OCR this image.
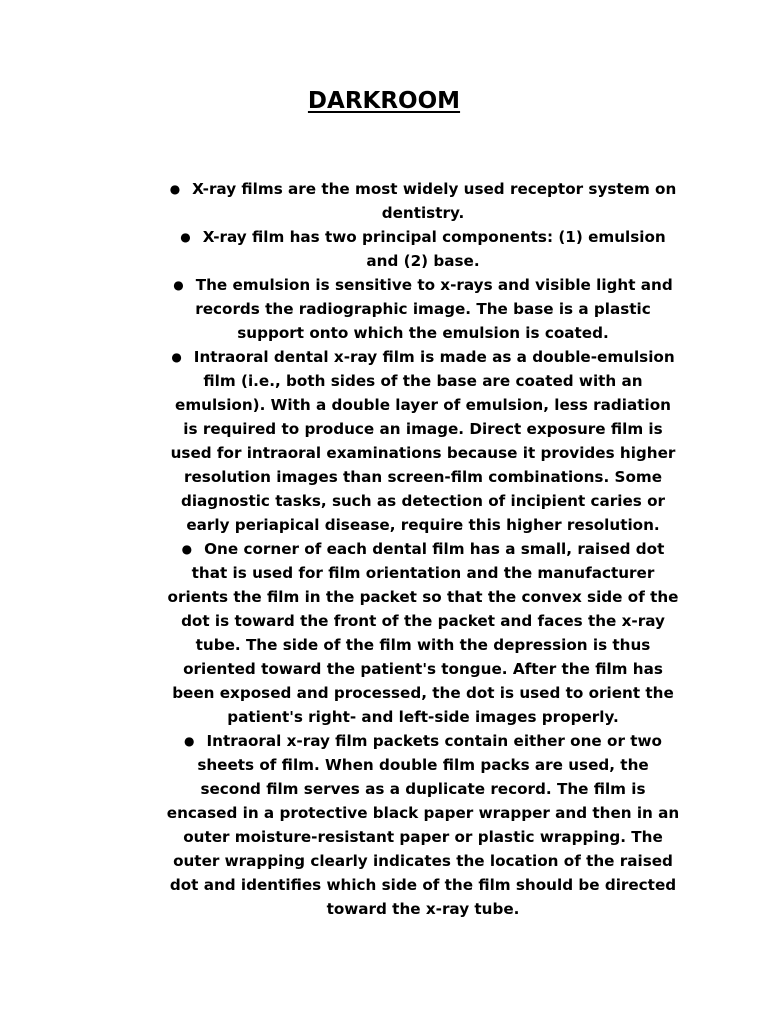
DARKROOM
● X-ray films are the most widely used receptor system on dentistry.
● X-ray film has two principal components: (1) emulsion and (2) base.
● The emulsion is sensitive to x-rays and visible light and records the radiographic image. The base is a plastic support onto which the emulsion is coated.
● Intraoral dental x-ray film is made as a double-emulsion film (i.e., both sides of the base are coated with an emulsion). With a double layer of emulsion, less radiation is required to produce an image. Direct exposure film is used for intraoral examinations because it provides higher resolution images than screen-film combinations. Some diagnostic tasks, such as detection of incipient caries or early periapical disease, require this higher resolution.
● One corner of each dental film has a small, raised dot that is used for film orientation and the manufacturer orients the film in the packet so that the convex side of the dot is toward the front of the packet and faces the x-ray tube. The side of the film with the depression is thus oriented toward the patient's tongue. After the film has been exposed and processed, the dot is used to orient the patient's right- and left-side images properly.
● Intraoral x-ray film packets contain either one or two sheets of film. When double film packs are used, the second film serves as a duplicate record. The film is encased in a protective black paper wrapper and then in an outer moisture-resistant paper or plastic wrapping. The outer wrapping clearly indicates the location of the raised dot and identifies which side of the film should be directed toward the x-ray tube.
